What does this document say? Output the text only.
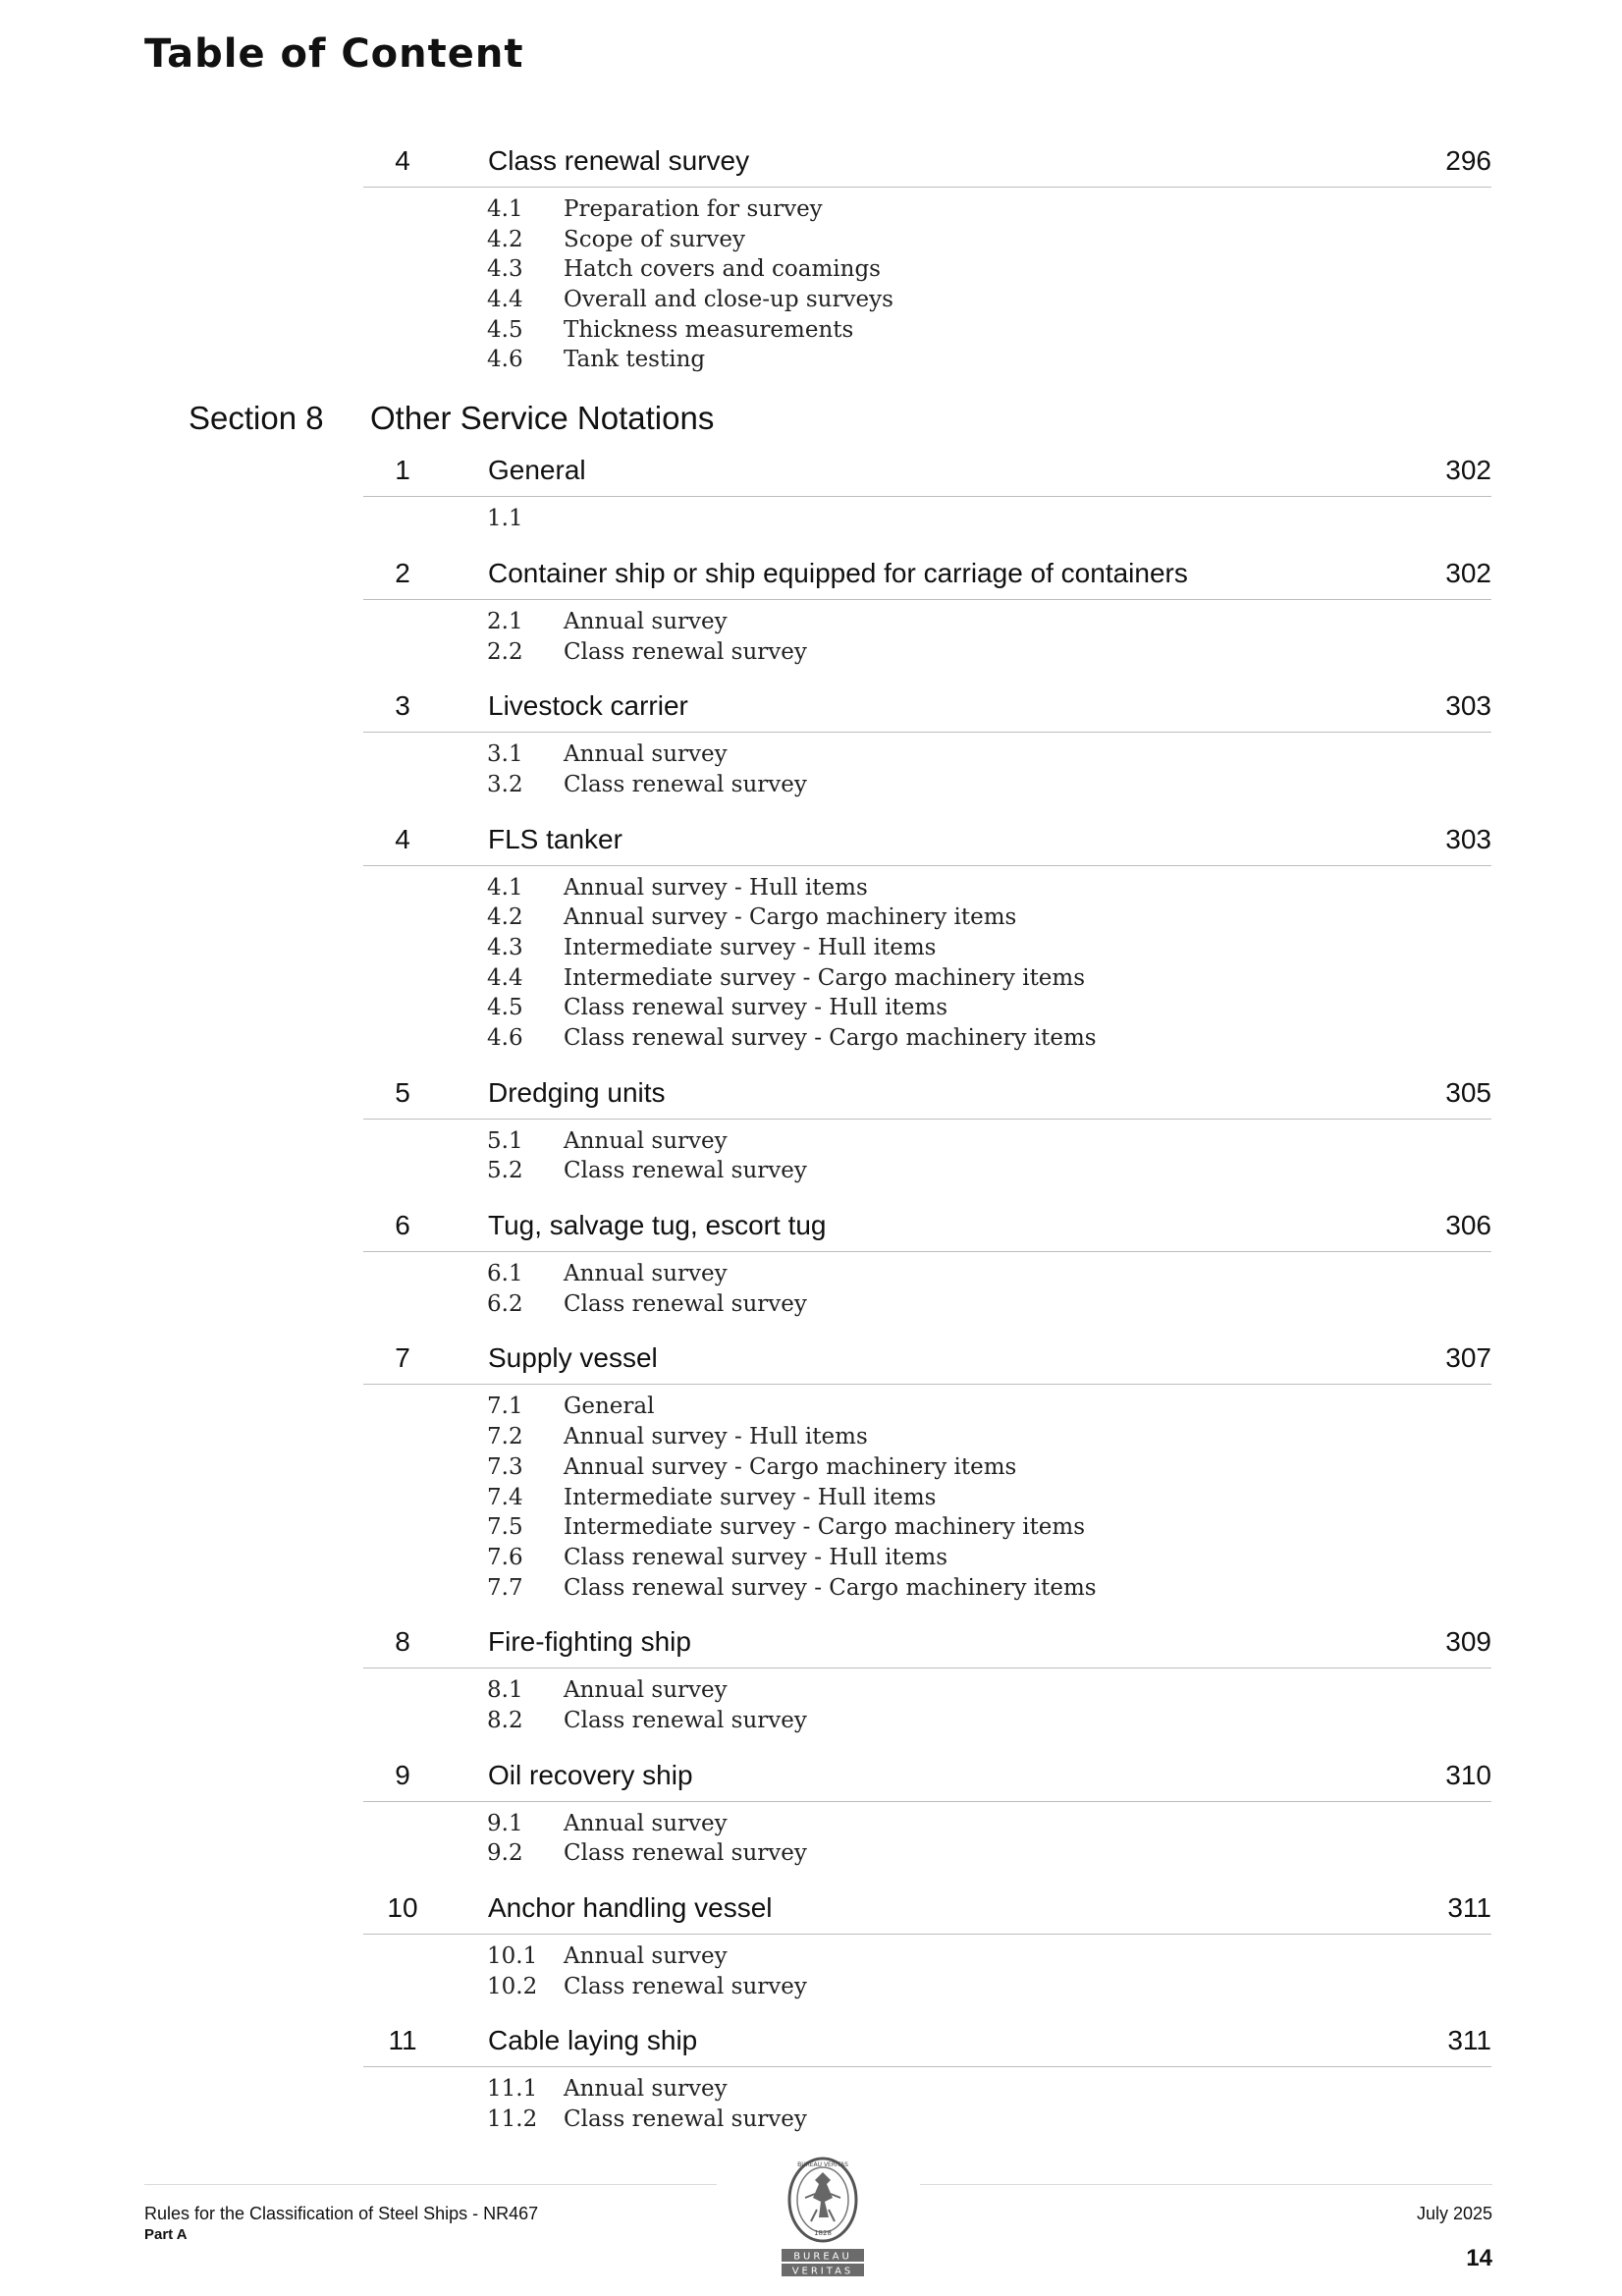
Table of Content
4	Class renewal survey	296
4.1 Preparation for survey
4.2 Scope of survey
4.3 Hatch covers and coamings
4.4 Overall and close-up surveys
4.5 Thickness measurements
4.6 Tank testing
Section 8 Other Service Notations
1	General	302
1.1
2	Container ship or ship equipped for carriage of containers	302
2.1 Annual survey
2.2 Class renewal survey
3	Livestock carrier	303
3.1 Annual survey
3.2 Class renewal survey
4	FLS tanker	303
4.1 Annual survey - Hull items
4.2 Annual survey - Cargo machinery items
4.3 Intermediate survey - Hull items
4.4 Intermediate survey - Cargo machinery items
4.5 Class renewal survey - Hull items
4.6 Class renewal survey - Cargo machinery items
5	Dredging units	305
5.1 Annual survey
5.2 Class renewal survey
6	Tug, salvage tug, escort tug	306
6.1 Annual survey
6.2 Class renewal survey
7	Supply vessel	307
7.1 General
7.2 Annual survey - Hull items
7.3 Annual survey - Cargo machinery items
7.4 Intermediate survey - Hull items
7.5 Intermediate survey - Cargo machinery items
7.6 Class renewal survey - Hull items
7.7 Class renewal survey - Cargo machinery items
8	Fire-fighting ship	309
8.1 Annual survey
8.2 Class renewal survey
9	Oil recovery ship	310
9.1 Annual survey
9.2 Class renewal survey
10	Anchor handling vessel	311
10.1 Annual survey
10.2 Class renewal survey
11	Cable laying ship	311
11.1 Annual survey
11.2 Class renewal survey
BUREAU VERITAS
1828
BUREAU
VERITAS
Rules for the Classification of Steel Ships - NR467
Part A
July 2025
14
